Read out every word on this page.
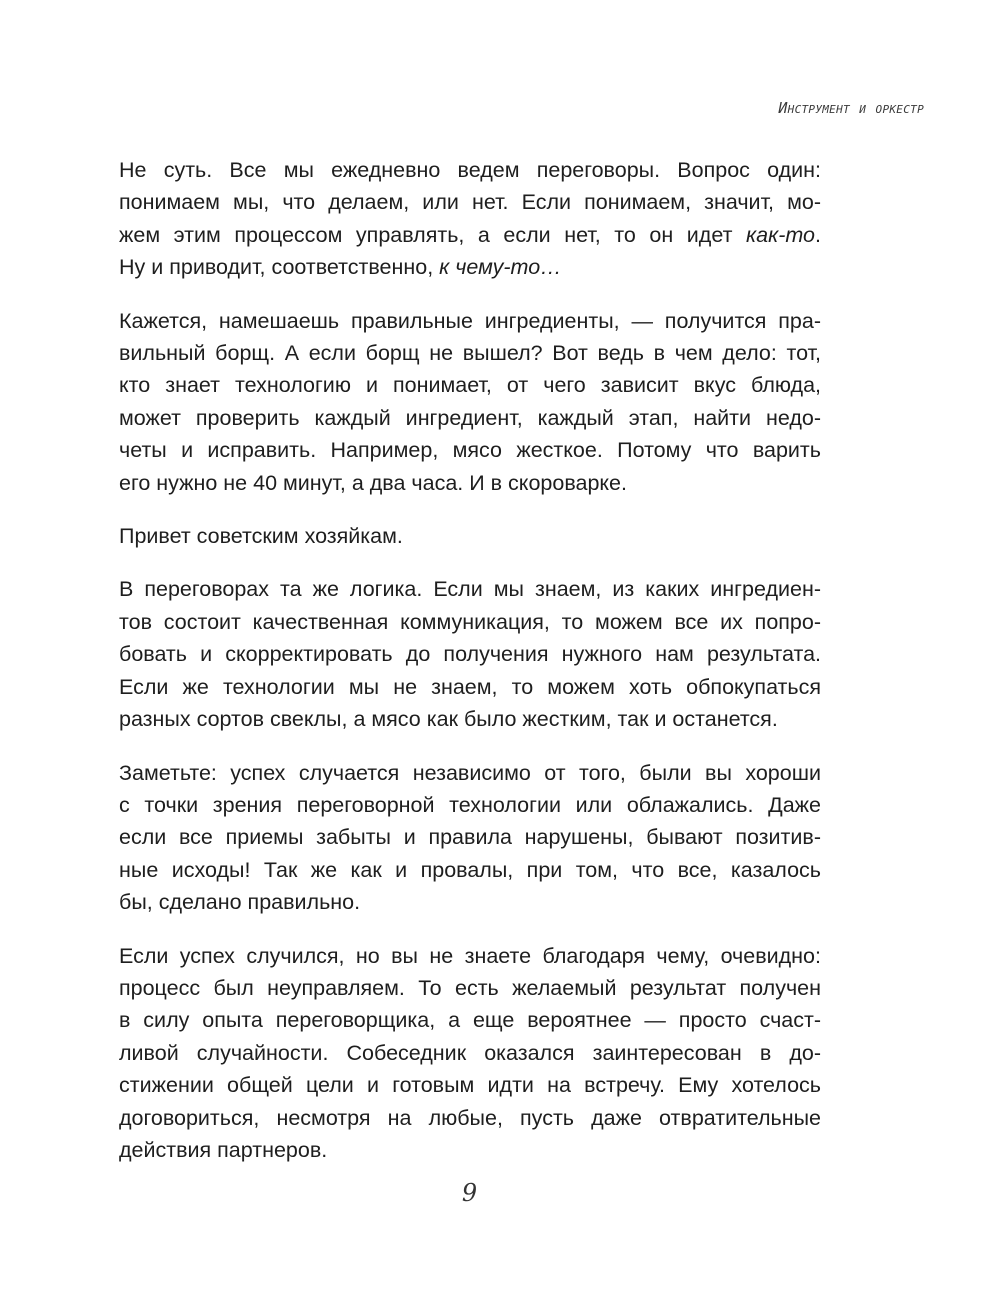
Инструмент и оркестр
Не суть. Все мы ежедневно ведем переговоры. Вопрос один:
понимаем мы, что делаем, или нет. Если понимаем, значит, мо-
жем этим процессом управлять, а если нет, то он идет как-то.
Ну и приводит, соответственно, к чему-то…
Кажется, намешаешь правильные ингредиенты, — получится пра-
вильный борщ. А если борщ не вышел? Вот ведь в чем дело: тот,
кто знает технологию и понимает, от чего зависит вкус блюда,
может проверить каждый ингредиент, каждый этап, найти недо-
четы и исправить. Например, мясо жесткое. Потому что варить
его нужно не 40 минут, а два часа. И в скороварке.
Привет советским хозяйкам.
В переговорах та же логика. Если мы знаем, из каких ингредиен-
тов состоит качественная коммуникация, то можем все их попро-
бовать и скорректировать до получения нужного нам результата.
Если же технологии мы не знаем, то можем хоть обпокупаться
разных сортов свеклы, а мясо как было жестким, так и останется.
Заметьте: успех случается независимо от того, были вы хороши
с точки зрения переговорной технологии или облажались. Даже
если все приемы забыты и правила нарушены, бывают позитив-
ные исходы! Так же как и провалы, при том, что все, казалось
бы, сделано правильно.
Если успех случился, но вы не знаете благодаря чему, очевидно:
процесс был неуправляем. То есть желаемый результат получен
в силу опыта переговорщика, а еще вероятнее — просто счаст-
ливой случайности. Собеседник оказался заинтересован в до-
стижении общей цели и готовым идти на встречу. Ему хотелось
договориться, несмотря на любые, пусть даже отвратительные
действия партнеров.
9
